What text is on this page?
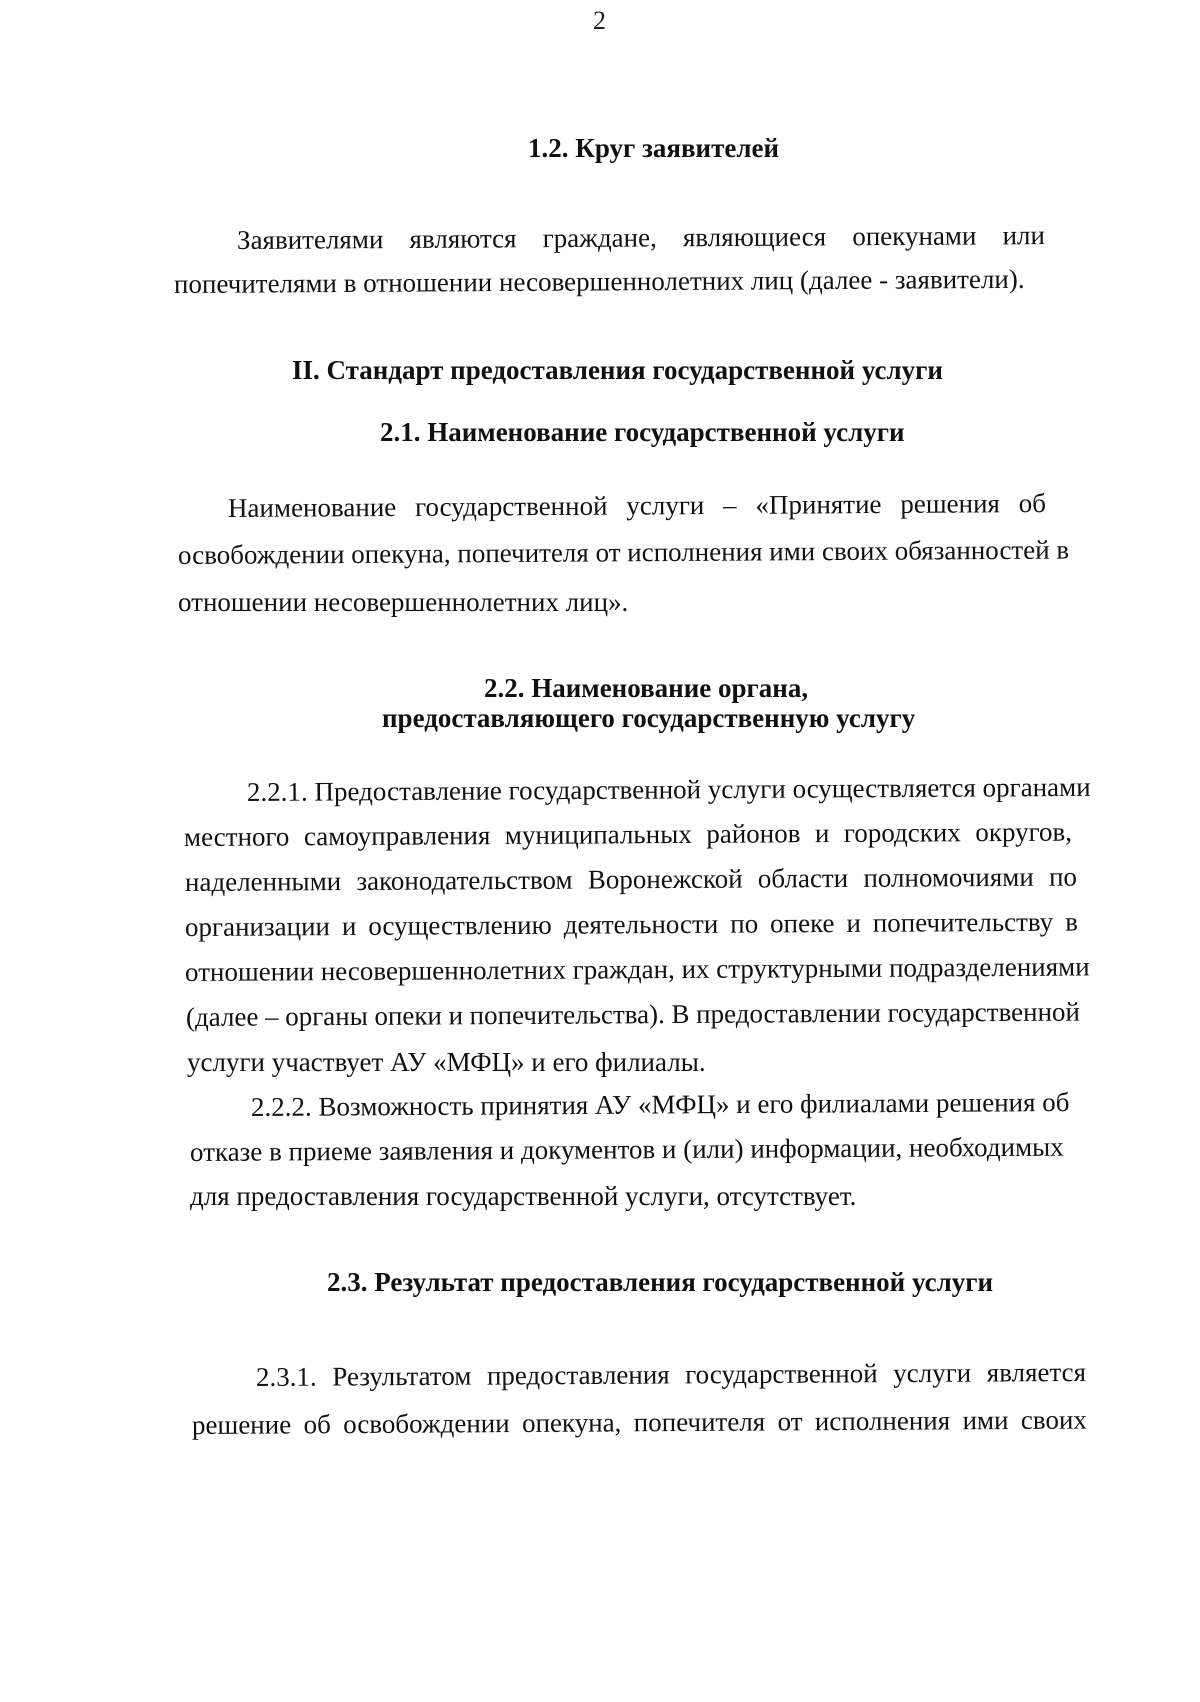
2
1.2. Круг заявителей
Заявителями являются граждане, являющиеся опекунами или
попечителями в отношении несовершеннолетних лиц (далее - заявители).
II. Стандарт предоставления государственной услуги
2.1. Наименование государственной услуги
Наименование государственной услуги – «Принятие решения об
освобождении опекуна, попечителя от исполнения ими своих обязанностей в
отношении несовершеннолетних лиц».
2.2. Наименование органа,
предоставляющего государственную услугу
2.2.1. Предоставление государственной услуги осуществляется органами
местного самоуправления муниципальных районов и городских округов,
наделенными законодательством Воронежской области полномочиями по
организации и осуществлению деятельности по опеке и попечительству в
отношении несовершеннолетних граждан, их структурными подразделениями
(далее – органы опеки и попечительства). В предоставлении государственной
услуги участвует АУ «МФЦ» и его филиалы.
2.2.2. Возможность принятия АУ «МФЦ» и его филиалами решения об
отказе в приеме заявления и документов и (или) информации, необходимых
для предоставления государственной услуги, отсутствует.
2.3. Результат предоставления государственной услуги
2.3.1. Результатом предоставления государственной услуги является
решение об освобождении опекуна, попечителя от исполнения ими своих
